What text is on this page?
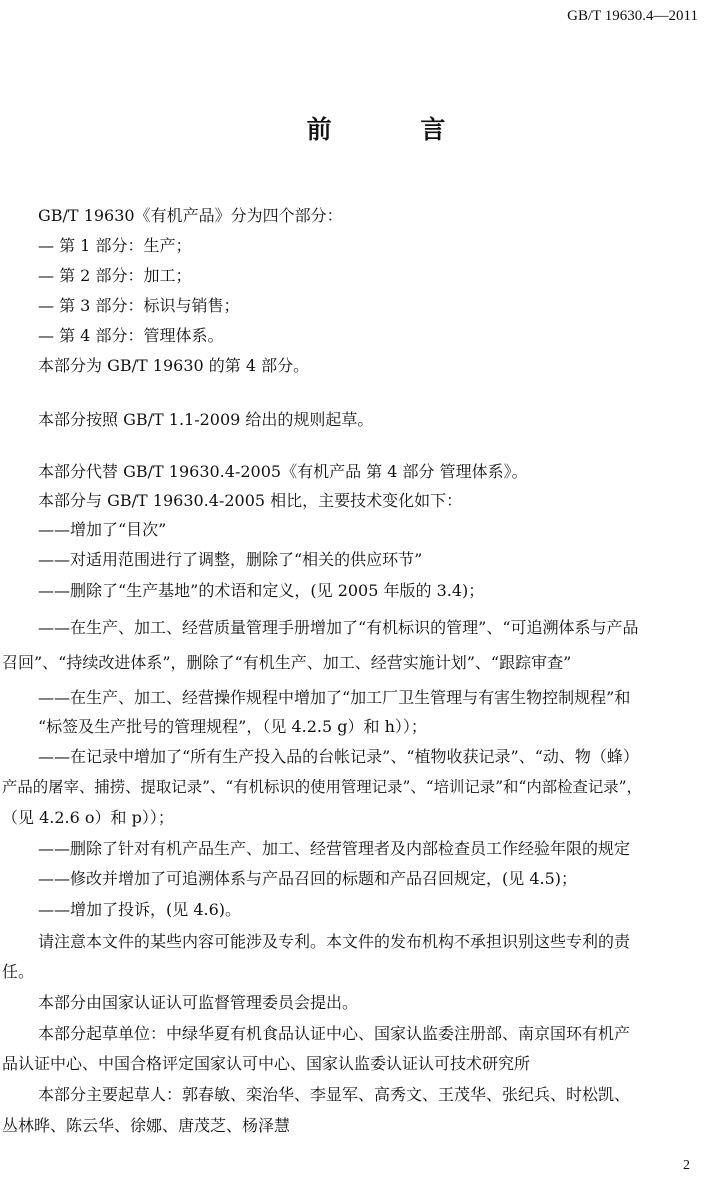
GB/T 19630.4—2011
前 言
GB/T 19630《有机产品》分为四个部分：
— 第 1 部分：生产；
— 第 2 部分：加工；
— 第 3 部分：标识与销售；
— 第 4 部分：管理体系。
本部分为 GB/T 19630 的第 4 部分。
本部分按照 GB/T 1.1-2009 给出的规则起草。
本部分代替 GB/T 19630.4-2005《有机产品 第 4 部分 管理体系》。
本部分与 GB/T 19630.4-2005 相比，主要技术变化如下：
——增加了“目次”
——对适用范围进行了调整，删除了“相关的供应环节”
——删除了“生产基地”的术语和定义，(见 2005 年版的 3.4)；
——在生产、加工、经营质量管理手册增加了“有机标识的管理”、“可追溯体系与产品
召回”、“持续改进体系”，删除了“有机生产、加工、经营实施计划”、“跟踪审查”
——在生产、加工、经营操作规程中增加了“加工厂卫生管理与有害生物控制规程”和
“标签及生产批号的管理规程”，（见 4.2.5 g）和 h））；
——在记录中增加了“所有生产投入品的台帐记录”、“植物收获记录”、“动、物（蜂）
产品的屠宰、捕捞、提取记录”、“有机标识的使用管理记录”、“培训记录”和“内部检查记录”，
（见 4.2.6 o）和 p））；
——删除了针对有机产品生产、加工、经营管理者及内部检查员工作经验年限的规定
——修改并增加了可追溯体系与产品召回的标题和产品召回规定，(见 4.5)；
——增加了投诉，(见 4.6)。
请注意本文件的某些内容可能涉及专利。本文件的发布机构不承担识别这些专利的责
任。
本部分由国家认证认可监督管理委员会提出。
本部分起草单位：中绿华夏有机食品认证中心、国家认监委注册部、南京国环有机产
品认证中心、中国合格评定国家认可中心、国家认监委认证认可技术研究所
本部分主要起草人：郭春敏、栾治华、李显军、高秀文、王茂华、张纪兵、时松凯、
丛林晔、陈云华、徐娜、唐茂芝、杨泽慧
2
